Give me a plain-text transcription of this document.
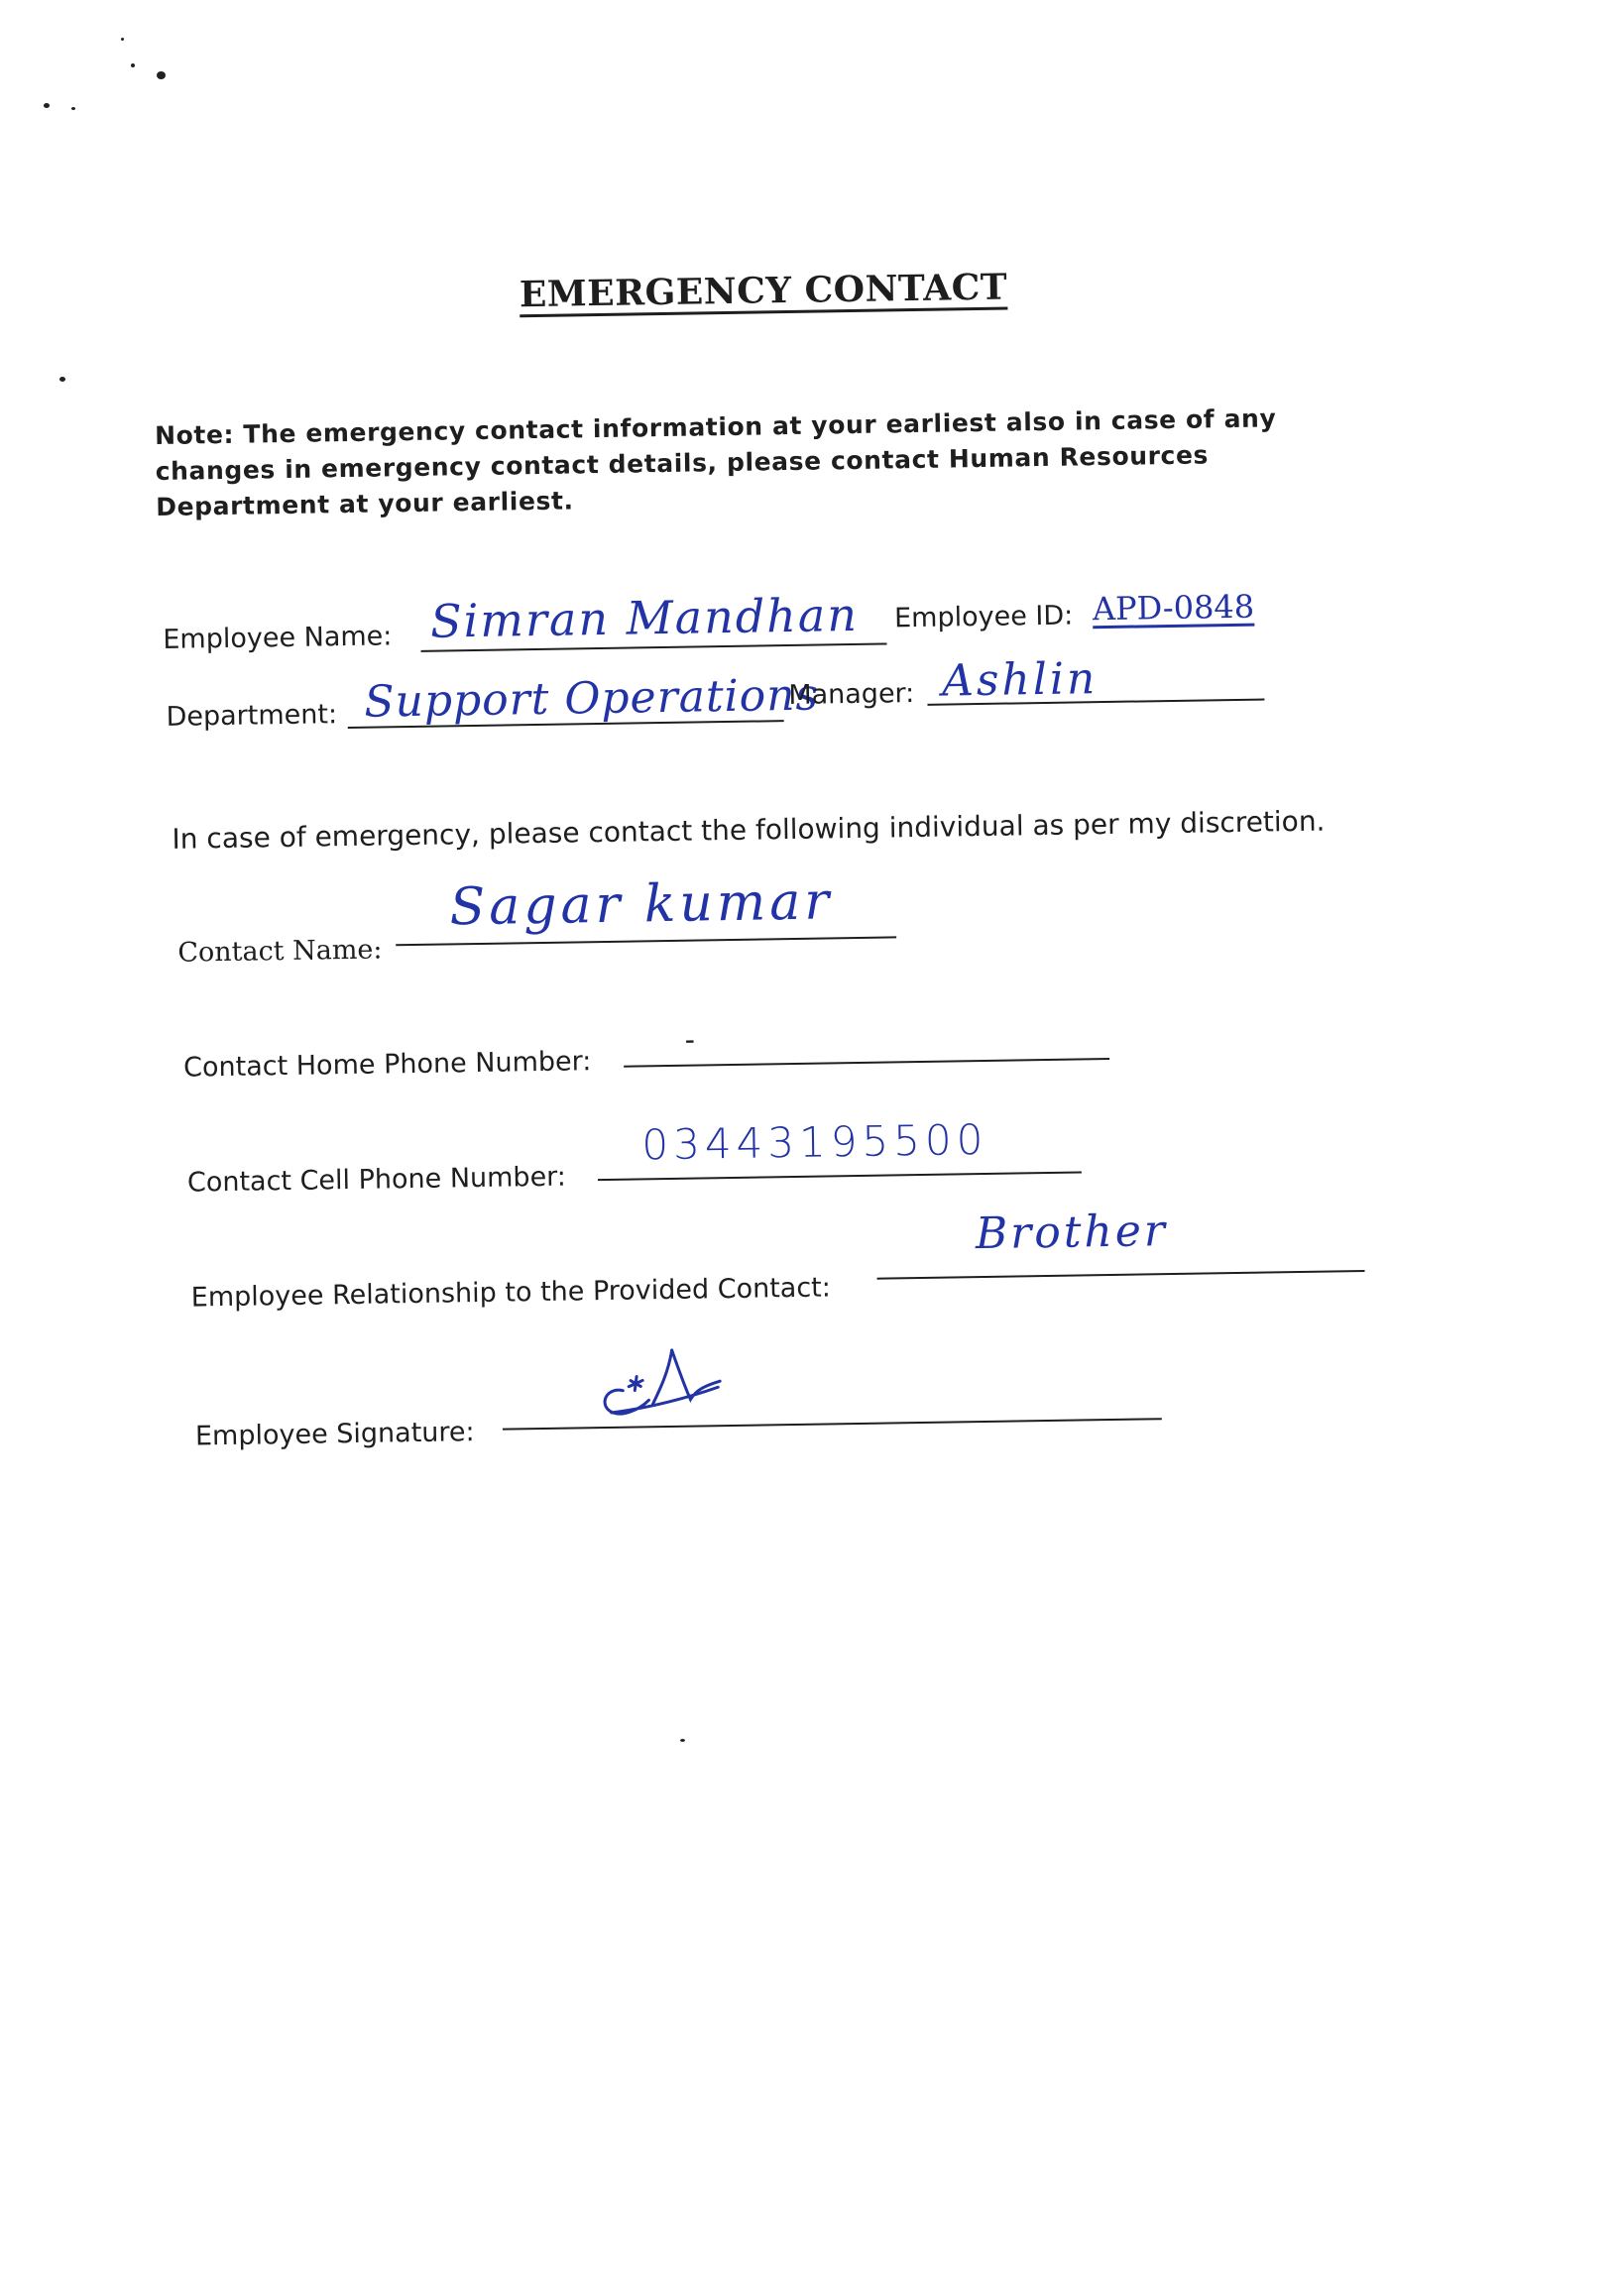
EMERGENCY CONTACT
Note: The emergency contact information at your earliest also in case of any changes in emergency contact details, please contact Human Resources Department at your earliest.
Employee Name: Simran Mandhan Employee ID: APD-0848
Department: Support Operations
Manager: Ashlin
In case of emergency, please contact the following individual as per my discretion.
Contact Name:
Sagar kumar
Contact Home Phone Number:
-
Contact Cell Phone Number:
03443195500
Employee Relationship to the Provided Contact:
Brother
Employee Signature:
